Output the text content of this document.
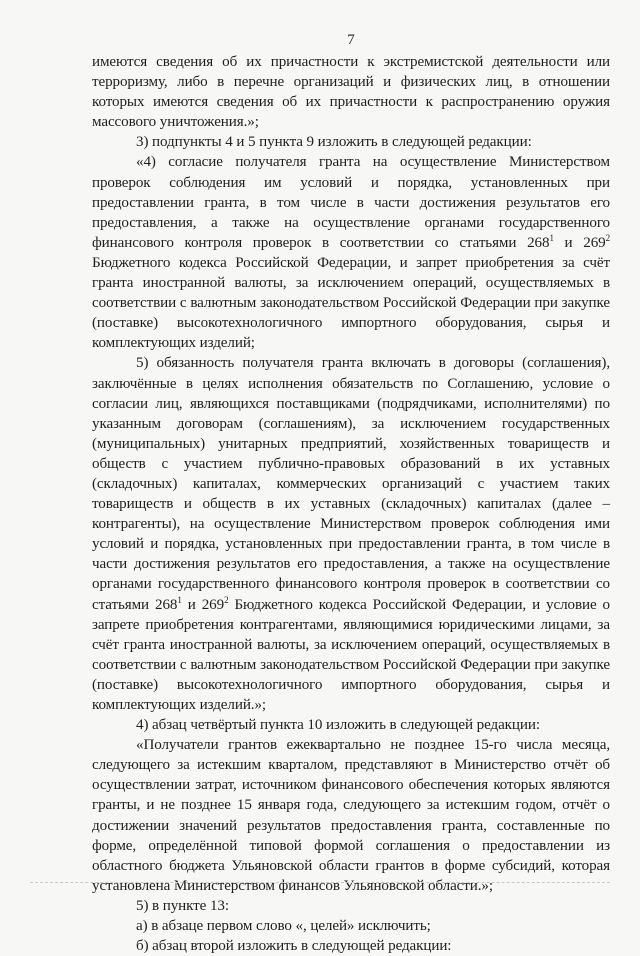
7

имеются сведения об их причастности к экстремистской деятельности или терроризму, либо в перечне организаций и физических лиц, в отношении которых имеются сведения об их причастности к распространению оружия массового уничтожения.»;

3) подпункты 4 и 5 пункта 9 изложить в следующей редакции:

«4) согласие получателя гранта на осуществление Министерством проверок соблюдения им условий и порядка, установленных при предоставлении гранта, в том числе в части достижения результатов его предоставления, а также на осуществление органами государственного финансового контроля проверок в соответствии со статьями $268^1$ и $269^2$ Бюджетного кодекса Российской Федерации, и запрет приобретения за счёт гранта иностранной валюты, за исключением операций, осуществляемых в соответствии с валютным законодательством Российской Федерации при закупке (поставке) высокотехнологичного импортного оборудования, сырья и комплектующих изделий;

5) обязанность получателя гранта включать в договоры (соглашения), заключённые в целях исполнения обязательств по Соглашению, условие о согласии лиц, являющихся поставщиками (подрядчиками, исполнителями) по указанным договорам (соглашениям), за исключением государственных (муниципальных) унитарных предприятий, хозяйственных товариществ и обществ с участием публично-правовых образований в их уставных (складочных) капиталах, коммерческих организаций с участием таких товариществ и обществ в их уставных (складочных) капиталах (далее – контрагенты), на осуществление Министерством проверок соблюдения ими условий и порядка, установленных при предоставлении гранта, в том числе в части достижения результатов его предоставления, а также на осуществление органами государственного финансового контроля проверок в соответствии со статьями $268^1$ и $269^2$ Бюджетного кодекса Российской Федерации, и условие о запрете приобретения контрагентами, являющимися юридическими лицами, за счёт гранта иностранной валюты, за исключением операций, осуществляемых в соответствии с валютным законодательством Российской Федерации при закупке (поставке) высокотехнологичного импортного оборудования, сырья и комплектующих изделий.»;

4) абзац четвёртый пункта 10 изложить в следующей редакции:

«Получатели грантов ежеквартально не позднее 15-го числа месяца, следующего за истекшим кварталом, представляют в Министерство отчёт об осуществлении затрат, источником финансового обеспечения которых являются гранты, и не позднее 15 января года, следующего за истекшим годом, отчёт о достижении значений результатов предоставления гранта, составленные по форме, определённой типовой формой соглашения о предоставлении из областного бюджета Ульяновской области грантов в форме субсидий, которая установлена Министерством финансов Ульяновской области.»;

5) в пункте 13:

а) в абзаце первом слово «, целей» исключить;

б) абзац второй изложить в следующей редакции:
